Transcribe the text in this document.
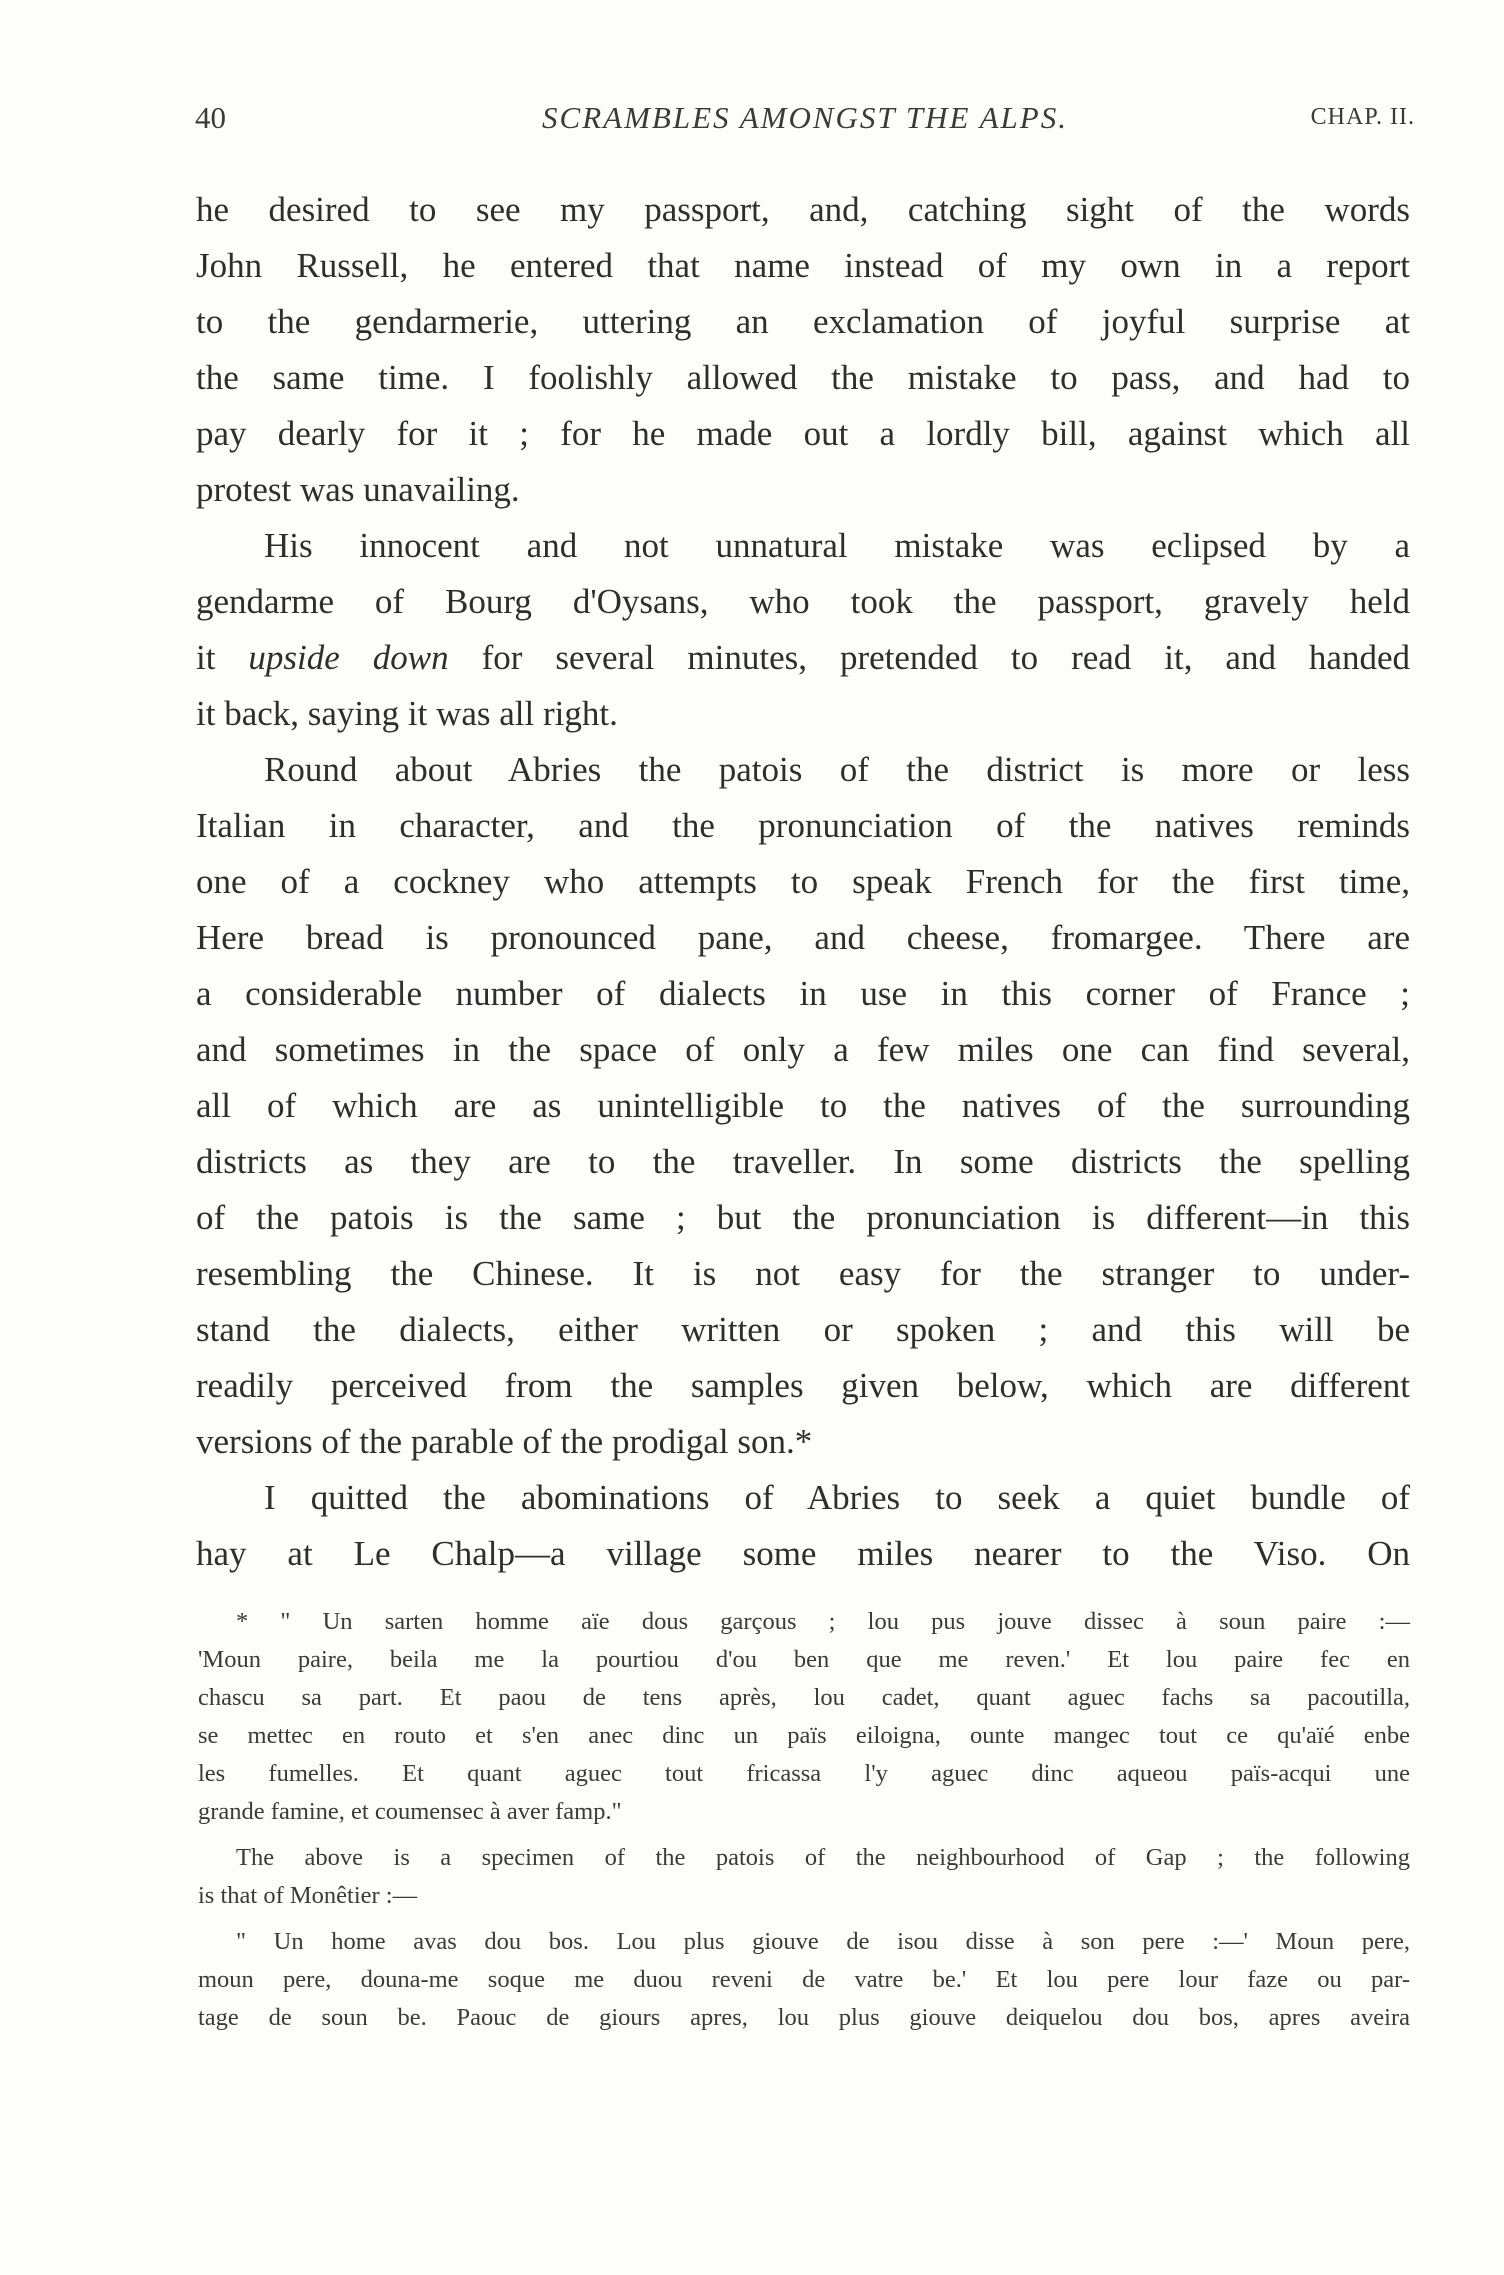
40	SCRAMBLES AMONGST THE ALPS.	CHAP. II.
he desired to see my passport, and, catching sight of the words
John Russell, he entered that name instead of my own in a report
to the gendarmerie, uttering an exclamation of joyful surprise at
the same time. I foolishly allowed the mistake to pass, and had to
pay dearly for it ; for he made out a lordly bill, against which all
protest was unavailing.
His innocent and not unnatural mistake was eclipsed by a
gendarme of Bourg d'Oysans, who took the passport, gravely held
it upside down for several minutes, pretended to read it, and handed
it back, saying it was all right.
Round about Abries the patois of the district is more or less
Italian in character, and the pronunciation of the natives reminds
one of a cockney who attempts to speak French for the first time,
Here bread is pronounced pane, and cheese, fromargee. There are
a considerable number of dialects in use in this corner of France ;
and sometimes in the space of only a few miles one can find several,
all of which are as unintelligible to the natives of the surrounding
districts as they are to the traveller. In some districts the spelling
of the patois is the same ; but the pronunciation is different—in this
resembling the Chinese. It is not easy for the stranger to under-
stand the dialects, either written or spoken ; and this will be
readily perceived from the samples given below, which are different
versions of the parable of the prodigal son.*
I quitted the abominations of Abries to seek a quiet bundle of
hay at Le Chalp—a village some miles nearer to the Viso. On
* " Un sarten homme aïe dous garçous ; lou pus jouve dissec à soun paire :—
'Moun paire, beila me la pourtiou d'ou ben que me reven.' Et lou paire fec en
chascu sa part. Et paou de tens après, lou cadet, quant aguec fachs sa pacoutilla,
se mettec en routo et s'en anec dinc un païs eiloigna, ounte mangec tout ce qu'aïé enbe
les fumelles. Et quant aguec tout fricassa l'y aguec dinc aqueou païs-acqui une
grande famine, et coumensec à aver famp."
The above is a specimen of the patois of the neighbourhood of Gap ; the following
is that of Monêtier :—
" Un home avas dou bos. Lou plus giouve de isou disse à son pere :—' Moun pere,
moun pere, douna-me soque me duou reveni de vatre be.' Et lou pere lour faze ou par-
tage de soun be. Paouc de giours apres, lou plus giouve deiquelou dou bos, apres aveira
